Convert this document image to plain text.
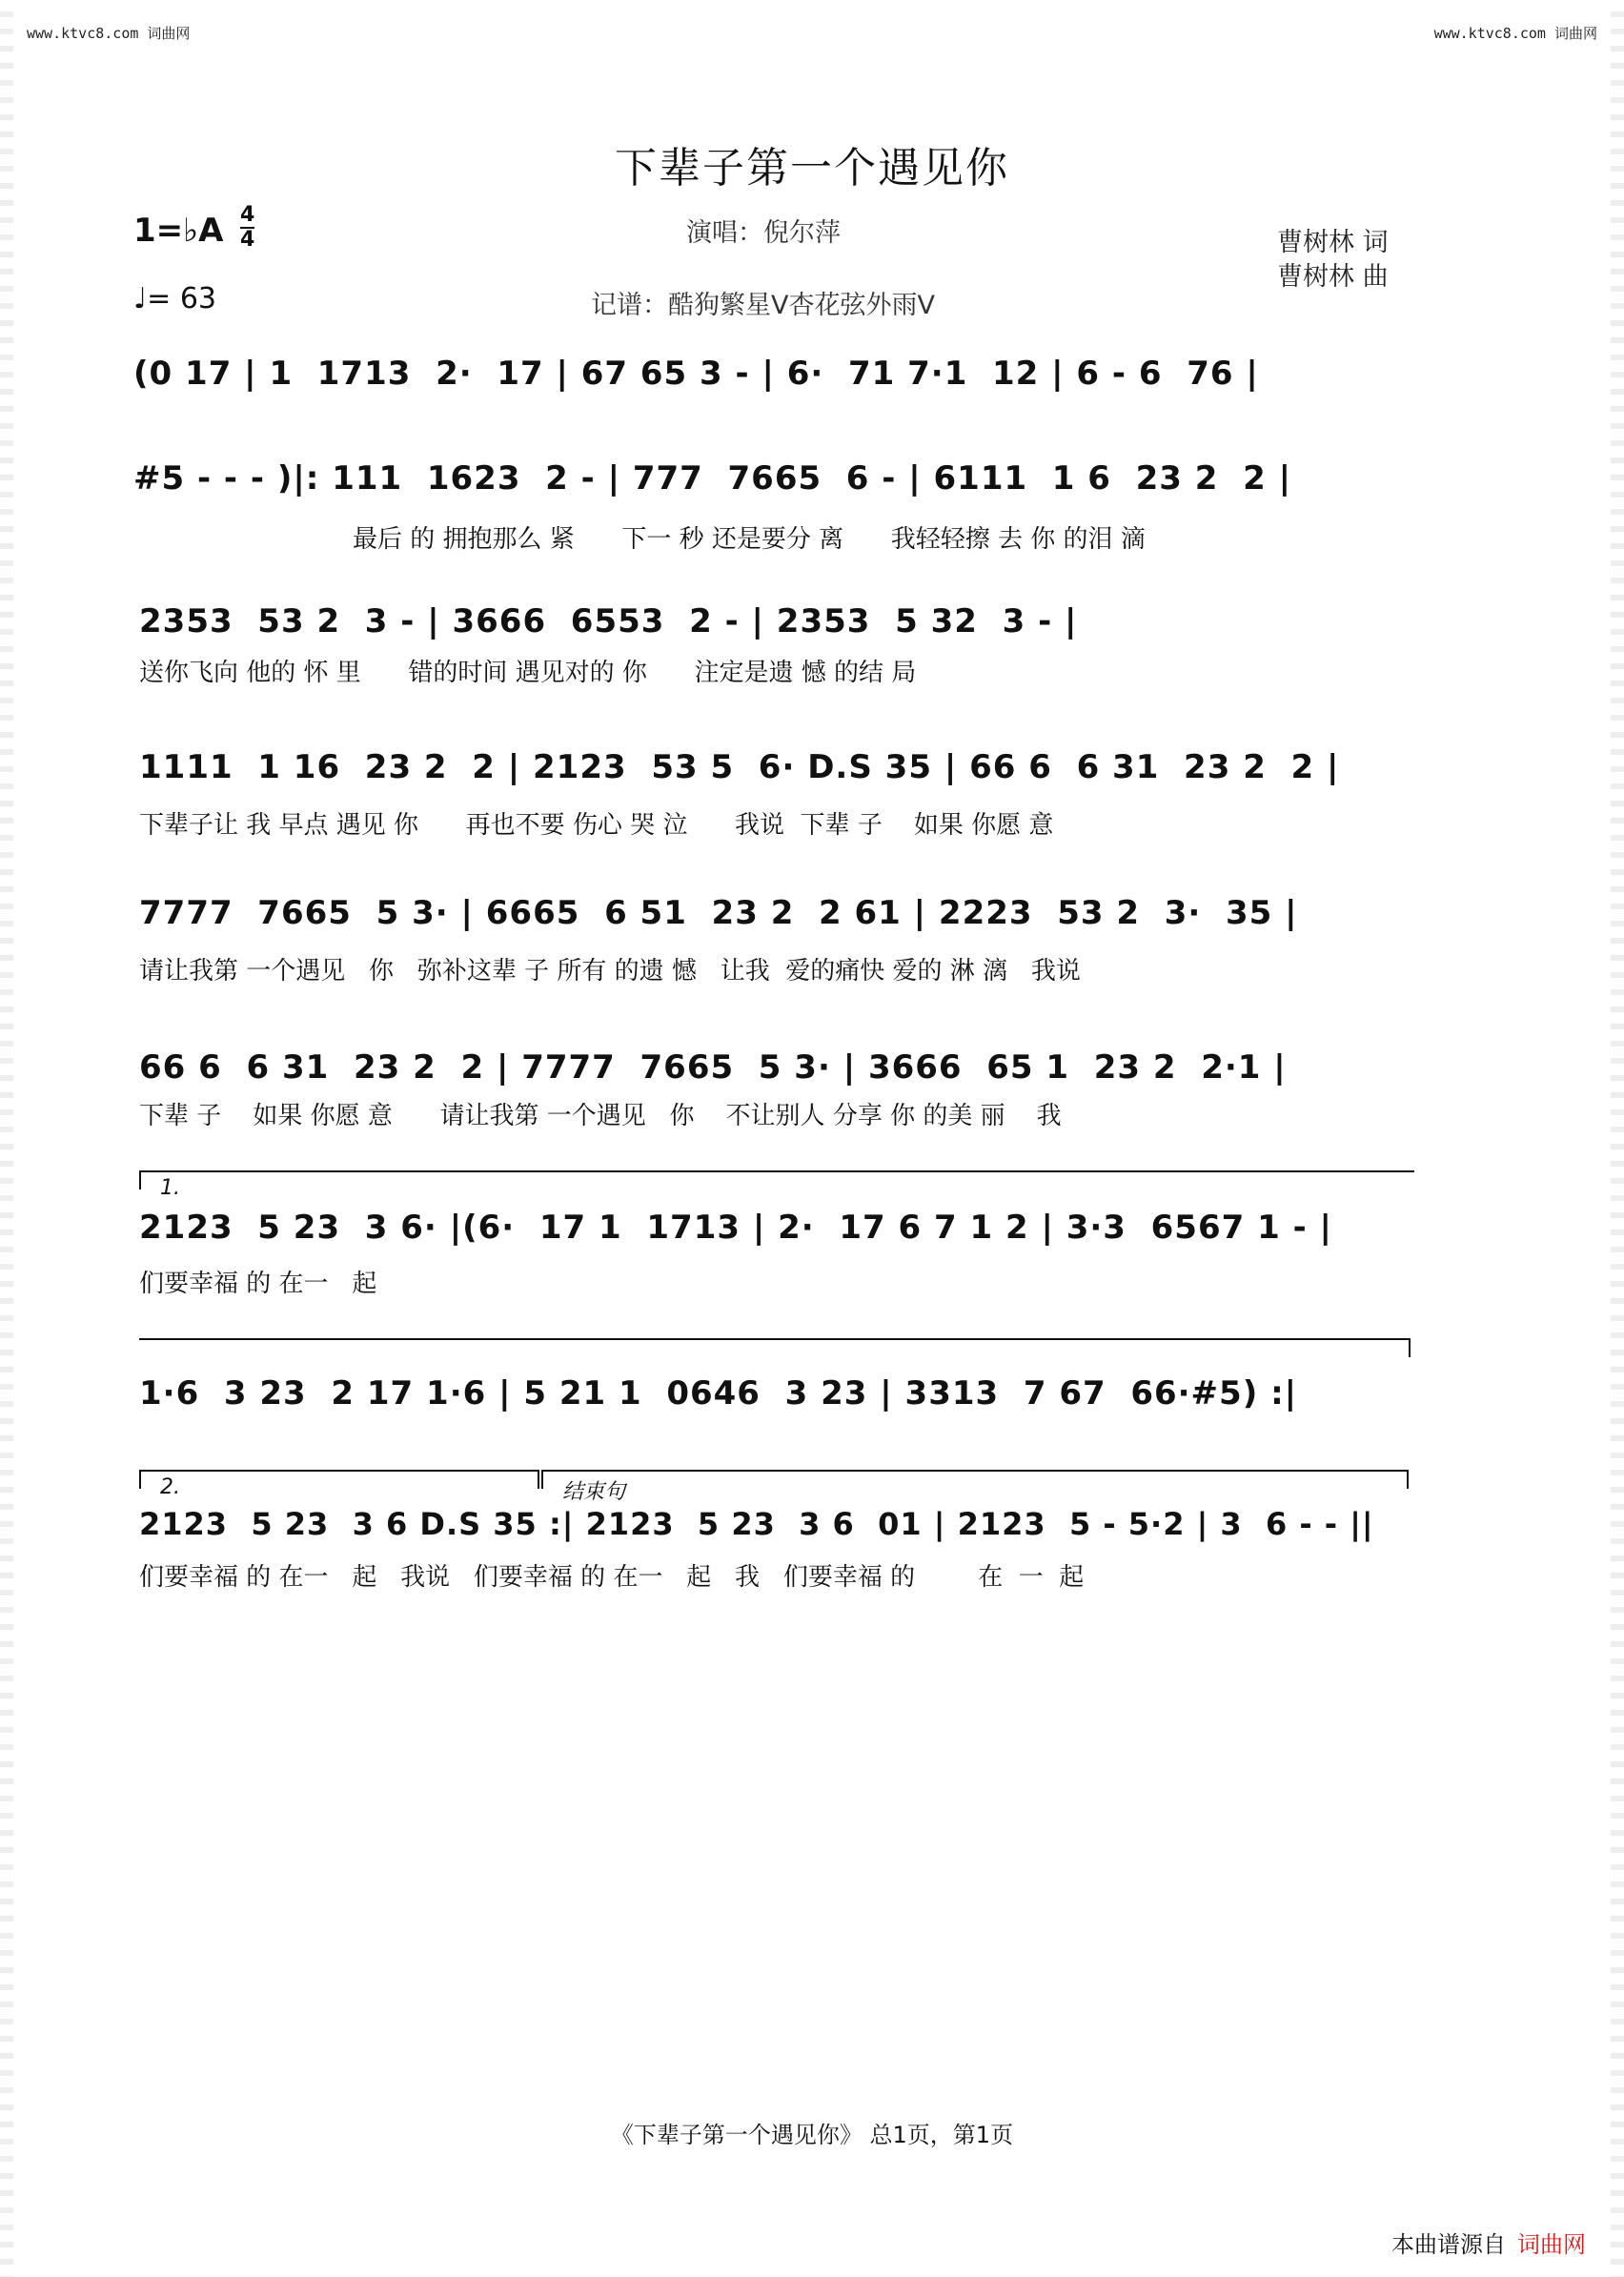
www.ktvc8.com 词曲网	www.ktvc8.com 词曲网
下辈子第一个遇见你
1=♭A 4
4
♩= 63
演唱：倪尔萍
记谱：酷狗繁星V杏花弦外雨V
曹树林 词
曹树林 曲
(0 17 | 1  1713  2·  17 | 67 65 3 - | 6·  71 7·1  12 | 6 - 6  76 |
#5 - - - )|: 111  1623  2 - | 777  7665  6 - | 6111  1 6  23 2  2 |
最后 的 拥抱那么 紧      下一 秒 还是要分 离      我轻轻擦 去 你 的泪 滴
2353  53 2  3 - | 3666  6553  2 - | 2353  5 32  3 - |
送你飞向 他的 怀 里      错的时间 遇见对的 你      注定是遗 憾 的结 局
1111  1 16  23 2  2 | 2123  53 5  6· D.S 35 | 66 6  6 31  23 2  2 |
下辈子让 我 早点 遇见 你      再也不要 伤心 哭 泣      我说  下辈 子    如果 你愿 意
7777  7665  5 3· | 6665  6 51  23 2  2 61 | 2223  53 2  3·  35 |
请让我第 一个遇见   你   弥补这辈 子 所有 的遗 憾   让我  爱的痛快 爱的 淋 漓   我说
66 6  6 31  23 2  2 | 7777  7665  5 3· | 3666  65 1  23 2  2·1 |
下辈 子    如果 你愿 意      请让我第 一个遇见   你    不让别人 分享 你 的美 丽    我
1.
2123  5 23  3 6· |(6·  17 1  1713 | 2·  17 6 7 1 2 | 3·3  6567 1 - |
们要幸福 的 在一   起
1·6  3 23  2 17 1·6 | 5 21 1  0646  3 23 | 3313  7 67  66·#5) :|
2.	结束句
2123  5 23  3 6 D.S 35 :| 2123  5 23  3 6  01 | 2123  5 - 5·2 | 3  6 - - ||
们要幸福 的 在一   起   我说   们要幸福 的 在一   起   我   们要幸福 的        在  一  起
《下辈子第一个遇见你》 总1页，第1页
本曲谱源自 词曲网
